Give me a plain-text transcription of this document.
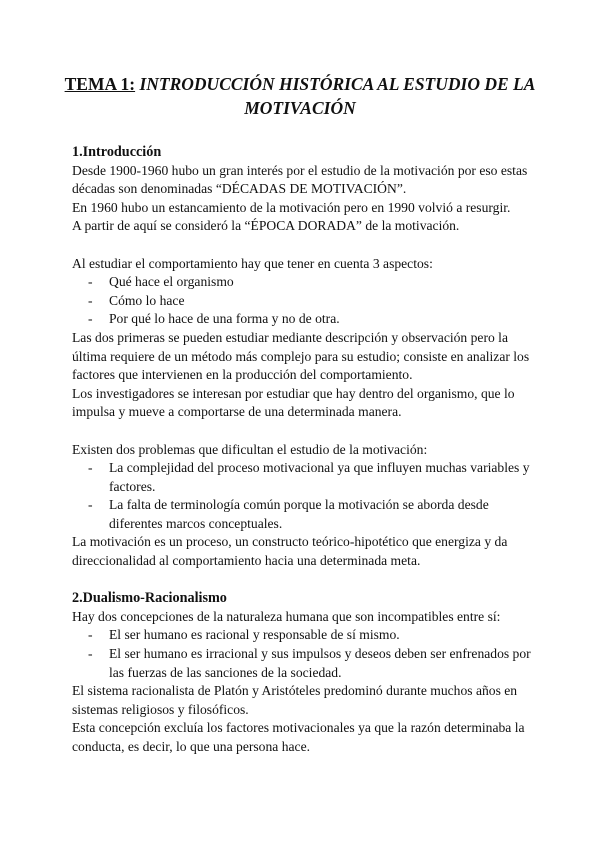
TEMA 1: INTRODUCCIÓN HISTÓRICA AL ESTUDIO DE LA MOTIVACIÓN

1.Introducción

Desde 1900-1960 hubo un gran interés por el estudio de la motivación por eso estas décadas son denominadas “DÉCADAS DE MOTIVACIÓN”.

En 1960 hubo un estancamiento de la motivación pero en 1990 volvió a resurgir.

A partir de aquí se consideró la “ÉPOCA DORADA” de la motivación.

Al estudiar el comportamiento hay que tener en cuenta 3 aspectos:

- Qué hace el organismo
- Cómo lo hace
- Por qué lo hace de una forma y no de otra.

Las dos primeras se pueden estudiar mediante descripción y observación pero la última requiere de un método más complejo para su estudio; consiste en analizar los factores que intervienen en la producción del comportamiento.

Los investigadores se interesan por estudiar que hay dentro del organismo, que lo impulsa y mueve a comportarse de una determinada manera.

Existen dos problemas que dificultan el estudio de la motivación:

- La complejidad del proceso motivacional ya que influyen muchas variables y factores.
- La falta de terminología común porque la motivación se aborda desde diferentes marcos conceptuales.

La motivación es un proceso, un constructo teórico-hipotético que energiza y da direccionalidad al comportamiento hacia una determinada meta.

2.Dualismo-Racionalismo

Hay dos concepciones de la naturaleza humana que son incompatibles entre sí:

- El ser humano es racional y responsable de sí mismo.
- El ser humano es irracional y sus impulsos y deseos deben ser enfrenados por las fuerzas de las sanciones de la sociedad.

El sistema racionalista de Platón y Aristóteles predominó durante muchos años en sistemas religiosos y filosóficos.

Esta concepción excluía los factores motivacionales ya que la razón determinaba la conducta, es decir, lo que una persona hace.
